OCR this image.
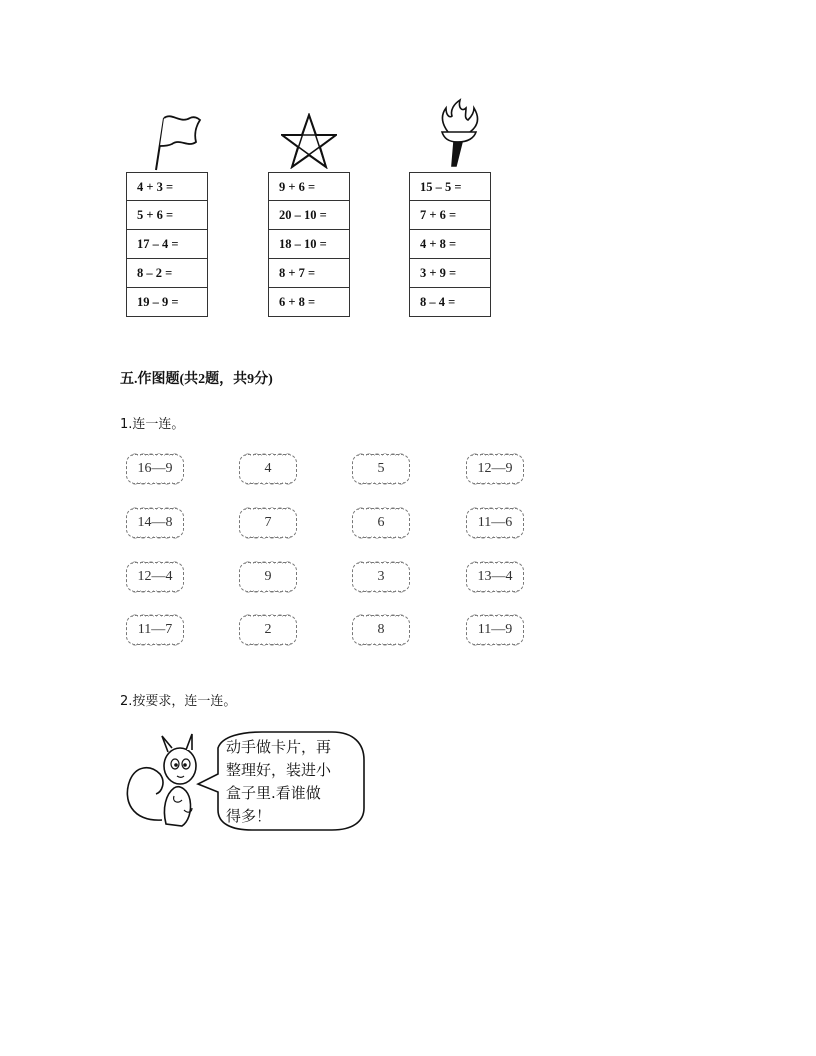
4 + 3 =
5 + 6 =
17 – 4 =
8 – 2 =
19 – 9 =
9 + 6 =
20 – 10 =
18 – 10 =
8 + 7 =
6 + 8 =
15 – 5 =
7 + 6 =
4 + 8 =
3 + 9 =
8 – 4 =
五.作图题(共2题，共9分)
1.连一连。
16—9	4	5	12—9
14—8	7	6	11—6
12—4	9	3	13—4
11—7	2	8	11—9
2.按要求，连一连。
动手做卡片，再
整理好，装进小
盒子里.看谁做
得多！
